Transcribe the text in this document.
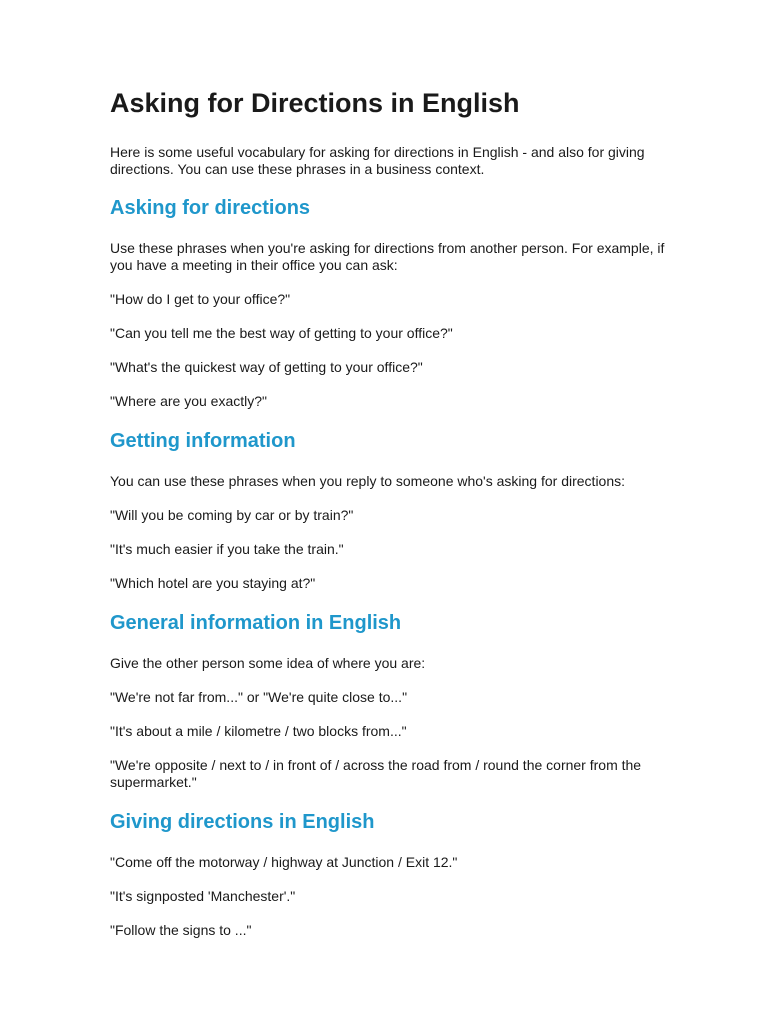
Asking for Directions in English

Here is some useful vocabulary for asking for directions in English - and also for giving directions. You can use these phrases in a business context.

Asking for directions

Use these phrases when you're asking for directions from another person. For example, if you have a meeting in their office you can ask:

"How do I get to your office?"

"Can you tell me the best way of getting to your office?"

"What's the quickest way of getting to your office?"

"Where are you exactly?"

Getting information

You can use these phrases when you reply to someone who's asking for directions:

"Will you be coming by car or by train?"

"It's much easier if you take the train."

"Which hotel are you staying at?"

General information in English

Give the other person some idea of where you are:

"We're not far from..." or "We're quite close to..."

"It's about a mile / kilometre / two blocks from..."

"We're opposite / next to / in front of / across the road from / round the corner from the supermarket."

Giving directions in English

"Come off the motorway / highway at Junction / Exit 12."

"It's signposted 'Manchester'."

"Follow the signs to ..."
